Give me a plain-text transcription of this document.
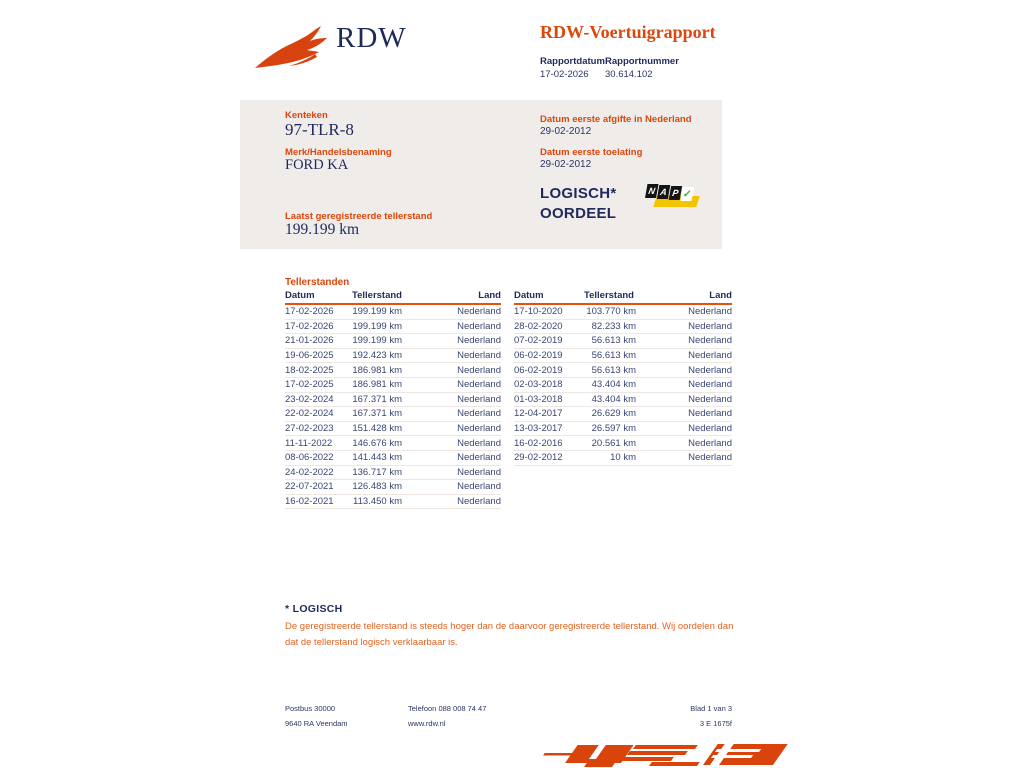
RDW	RDW-Voertuigrapport
Rapportdatum Rapportnummer
17-02-2026 30.614.102
Kenteken
97-TLR-8
Merk/Handelsbenaming
FORD KA
Laatst geregistreerde tellerstand
199.199 km
Datum eerste afgifte in Nederland
29-02-2012
Datum eerste toelating
29-02-2012
LOGISCH*
OORDEEL
N A P ✓
Tellerstanden
Datum	Tellerstand	Land
17-02-2026	199.199 km	Nederland
17-02-2026	199.199 km	Nederland
21-01-2026	199.199 km	Nederland
19-06-2025	192.423 km	Nederland
18-02-2025	186.981 km	Nederland
17-02-2025	186.981 km	Nederland
23-02-2024	167.371 km	Nederland
22-02-2024	167.371 km	Nederland
27-02-2023	151.428 km	Nederland
11-11-2022	146.676 km	Nederland
08-06-2022	141.443 km	Nederland
24-02-2022	136.717 km	Nederland
22-07-2021	126.483 km	Nederland
16-02-2021	113.450 km	Nederland
Datum	Tellerstand	Land
17-10-2020	103.770 km	Nederland
28-02-2020	82.233 km	Nederland
07-02-2019	56.613 km	Nederland
06-02-2019	56.613 km	Nederland
06-02-2019	56.613 km	Nederland
02-03-2018	43.404 km	Nederland
01-03-2018	43.404 km	Nederland
12-04-2017	26.629 km	Nederland
13-03-2017	26.597 km	Nederland
16-02-2016	20.561 km	Nederland
29-02-2012	10 km	Nederland
* LOGISCH
De geregistreerde tellerstand is steeds hoger dan de daarvoor geregistreerde tellerstand. Wij oordelen dan dat de tellerstand logisch verklaarbaar is.
Postbus 30000
9640 RA Veendam
Telefoon 088 008 74 47
www.rdw.nl
Blad 1 van 3
3 E 1675f
